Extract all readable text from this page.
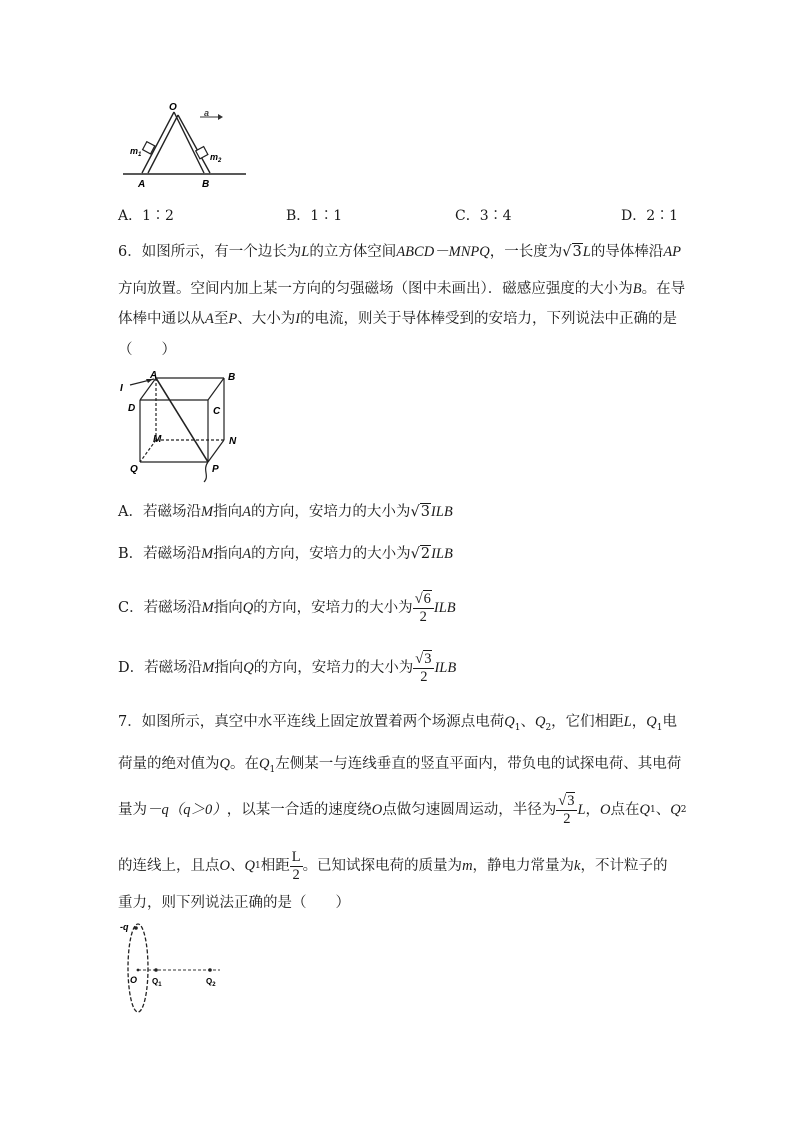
O	a
$m_1$	$m_2$
A	B
A．1∶2	B．1∶1	C．3∶4	D．2∶1
6．如图所示，有一个边长为L的立方体空间ABCD－MNPQ，一长度为√3L的导体棒沿AP
方向放置。空间内加上某一方向的匀强磁场（图中未画出）．磁感应强度的大小为B。在导
体棒中通以从A至P、大小为I的电流，则关于导体棒受到的安培力，下列说法中正确的是
（　　）
I
A	B
D	C
M	N
Q	P
A．若磁场沿M指向A的方向，安培力的大小为√3ILB
B．若磁场沿M指向A的方向，安培力的大小为√2ILB
C．若磁场沿 M 指向 Q 的方向，安培力的大小为 $\frac{√6}{2}$ ILB
D．若磁场沿 M 指向 Q 的方向，安培力的大小为 $\frac{√3}{2}$ ILB
7．如图所示，真空中水平连线上固定放置着两个场源点电荷$Q_1$、$Q_2$，它们相距L，$Q_1$电
荷量的绝对值为Q。在$Q_1$左侧某一与连线垂直的竖直平面内，带负电的试探电荷、其电荷
量为 －q（q＞0） ，以某一合适的速度绕 O 点做匀速圆周运动，半径为 $\frac{√3}{2}$ L ， O 点在 Q 1 、 Q 2
的连线上，且点 O 、 Q 1 相距 $\frac{L}{2}$ 。已知试探电荷的质量为 m ，静电力常量为 k ，不计粒子的
重力，则下列说法正确的是（　　）
-q
O $Q_1$	$Q_2$
